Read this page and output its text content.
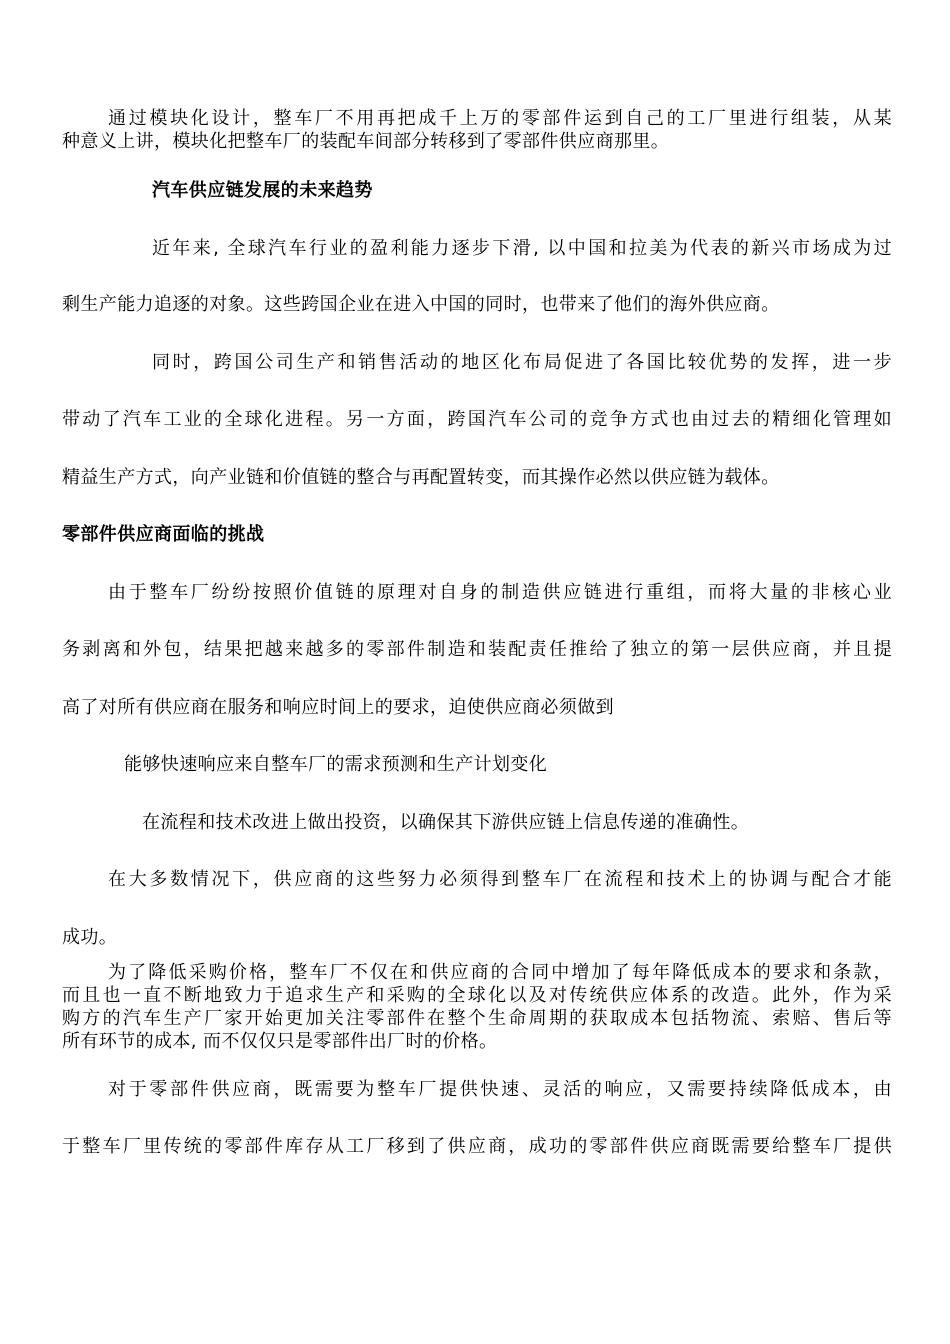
通过模块化设计，整车厂不用再把成千上万的零部件运到自己的工厂里进行组装，从某
种意义上讲，模块化把整车厂的装配车间部分转移到了零部件供应商那里。
汽车供应链发展的未来趋势
近年来, 全球汽车行业的盈利能力逐步下滑, 以中国和拉美为代表的新兴市场成为过
剩生产能力追逐的对象。这些跨国企业在进入中国的同时，也带来了他们的海外供应商。
同时，跨国公司生产和销售活动的地区化布局促进了各国比较优势的发挥，进一步
带动了汽车工业的全球化进程。另一方面，跨国汽车公司的竞争方式也由过去的精细化管理如
精益生产方式，向产业链和价值链的整合与再配置转变，而其操作必然以供应链为载体。
零部件供应商面临的挑战
由于整车厂纷纷按照价值链的原理对自身的制造供应链进行重组，而将大量的非核心业
务剥离和外包，结果把越来越多的零部件制造和装配责任推给了独立的第一层供应商，并且提
高了对所有供应商在服务和响应时间上的要求，迫使供应商必须做到
能够快速响应来自整车厂的需求预测和生产计划变化
在流程和技术改进上做出投资，以确保其下游供应链上信息传递的准确性。
在大多数情况下，供应商的这些努力必须得到整车厂在流程和技术上的协调与配合才能
成功。
为了降低采购价格，整车厂不仅在和供应商的合同中增加了每年降低成本的要求和条款，
而且也一直不断地致力于追求生产和采购的全球化以及对传统供应体系的改造。此外，作为采
购方的汽车生产厂家开始更加关注零部件在整个生命周期的获取成本包括物流、索赔、售后等
所有环节的成本, 而不仅仅只是零部件出厂时的价格。
对于零部件供应商，既需要为整车厂提供快速、灵活的响应，又需要持续降低成本，由
于整车厂里传统的零部件库存从工厂移到了供应商，成功的零部件供应商既需要给整车厂提供
